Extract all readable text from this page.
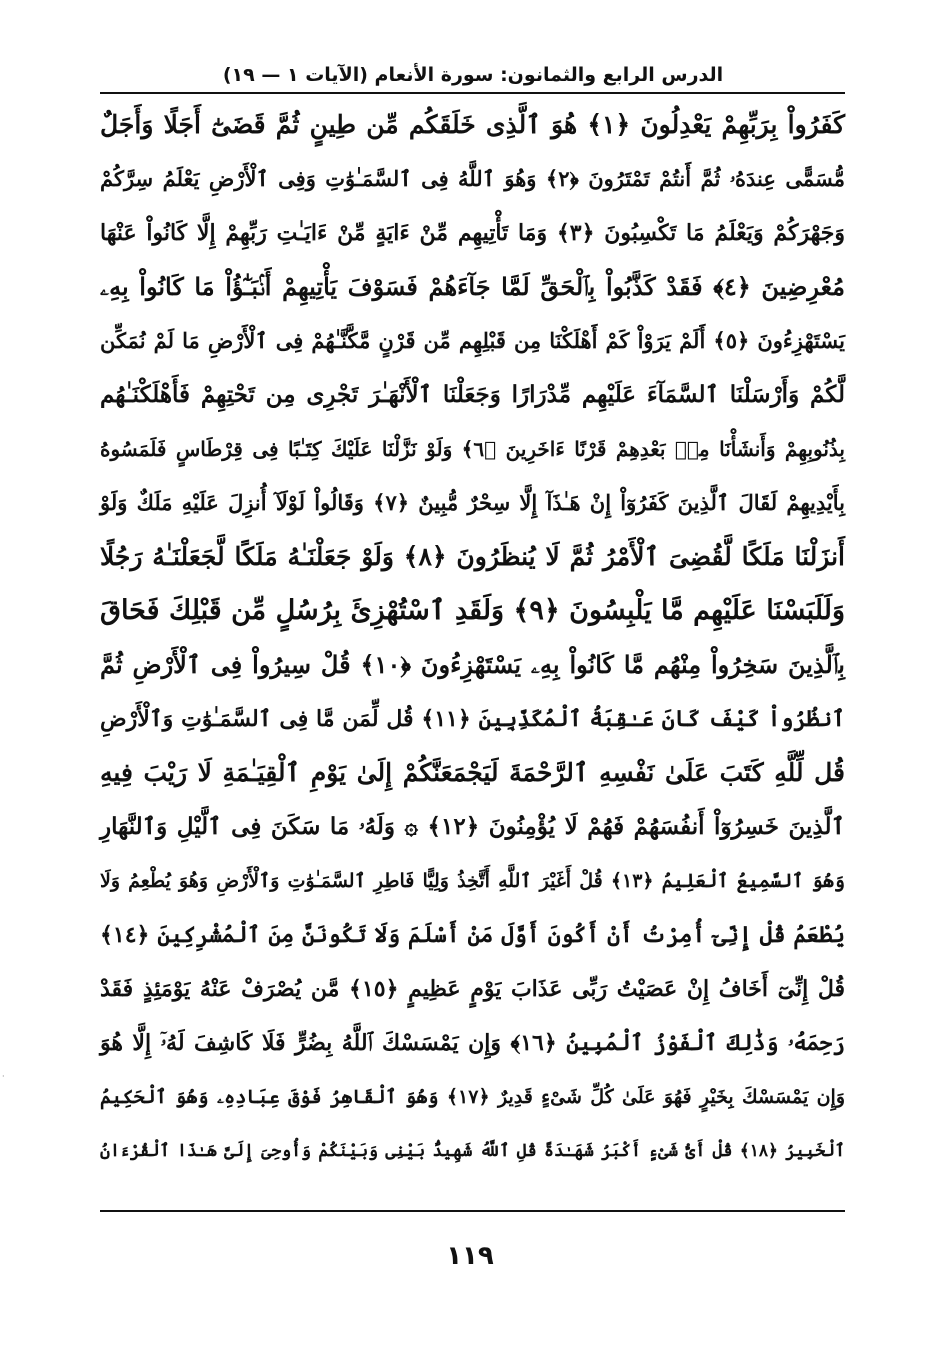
الدرس الرابع والثمانون: سورة الأنعام (الآيات ١ — ١٩)
كَفَرُواْ بِرَبِّهِمْ يَعْدِلُونَ ﴿١﴾ هُوَ ٱلَّذِى خَلَقَكُم مِّن طِينٍ ثُمَّ قَضَىٰٓ أَجَلًا وَأَجَلٌ
مُّسَمًّى عِندَهُۥ ثُمَّ أَنتُمْ تَمْتَرُونَ ﴿٢﴾ وَهُوَ ٱللَّهُ فِى ٱلسَّمَـٰوَٰتِ وَفِى ٱلْأَرْضِ يَعْلَمُ سِرَّكُمْ
وَجَهْرَكُمْ وَيَعْلَمُ مَا تَكْسِبُونَ ﴿٣﴾ وَمَا تَأْتِيهِم مِّنْ ءَايَةٍ مِّنْ ءَايَـٰتِ رَبِّهِمْ إِلَّا كَانُواْ عَنْهَا
مُعْرِضِينَ ﴿٤﴾ فَقَدْ كَذَّبُواْ بِٱلْحَقِّ لَمَّا جَآءَهُمْ فَسَوْفَ يَأْتِيهِمْ أَنۢبَـٰٓؤُاْ مَا كَانُواْ بِهِۦ
يَسْتَهْزِءُونَ ﴿٥﴾ أَلَمْ يَرَوْاْ كَمْ أَهْلَكْنَا مِن قَبْلِهِم مِّن قَرْنٍ مَّكَّنَّـٰهُمْ فِى ٱلْأَرْضِ مَا لَمْ نُمَكِّن
لَّكُمْ وَأَرْسَلْنَا ٱلسَّمَآءَ عَلَيْهِم مِّدْرَارًا وَجَعَلْنَا ٱلْأَنْهَـٰرَ تَجْرِى مِن تَحْتِهِمْ فَأَهْلَكْنَـٰهُم
بِذُنُوبِهِمْ وَأَنشَأْنَا مِنۢ بَعْدِهِمْ قَرْنًا ءَاخَرِينَ ﴿٦﴾ وَلَوْ نَزَّلْنَا عَلَيْكَ كِتَـٰبًا فِى قِرْطَاسٍ فَلَمَسُوهُ
بِأَيْدِيهِمْ لَقَالَ ٱلَّذِينَ كَفَرُوٓاْ إِنْ هَـٰذَآ إِلَّا سِحْرٌ مُّبِينٌ ﴿٧﴾ وَقَالُواْ لَوْلَآ أُنزِلَ عَلَيْهِ مَلَكٌ وَلَوْ
أَنزَلْنَا مَلَكًا لَّقُضِىَ ٱلْأَمْرُ ثُمَّ لَا يُنظَرُونَ ﴿٨﴾ وَلَوْ جَعَلْنَـٰهُ مَلَكًا لَّجَعَلْنَـٰهُ رَجُلًا
وَلَلَبَسْنَا عَلَيْهِم مَّا يَلْبِسُونَ ﴿٩﴾ وَلَقَدِ ٱسْتُهْزِئَ بِرُسُلٍ مِّن قَبْلِكَ فَحَاقَ
بِٱلَّذِينَ سَخِرُواْ مِنْهُم مَّا كَانُواْ بِهِۦ يَسْتَهْزِءُونَ ﴿١٠﴾ قُلْ سِيرُواْ فِى ٱلْأَرْضِ ثُمَّ
ٱنظُرُواْ كَيْفَ كَانَ عَـٰقِبَةُ ٱلْمُكَذِّبِينَ ﴿١١﴾ قُل لِّمَن مَّا فِى ٱلسَّمَـٰوَٰتِ وَٱلْأَرْضِ
قُل لِّلَّهِ كَتَبَ عَلَىٰ نَفْسِهِ ٱلرَّحْمَةَ لَيَجْمَعَنَّكُمْ إِلَىٰ يَوْمِ ٱلْقِيَـٰمَةِ لَا رَيْبَ فِيهِ
ٱلَّذِينَ خَسِرُوٓاْ أَنفُسَهُمْ فَهُمْ لَا يُؤْمِنُونَ ﴿١٢﴾ ۞ وَلَهُۥ مَا سَكَنَ فِى ٱلَّيْلِ وَٱلنَّهَارِ
وَهُوَ ٱلسَّمِيعُ ٱلْعَلِيمُ ﴿١٣﴾ قُلْ أَغَيْرَ ٱللَّهِ أَتَّخِذُ وَلِيًّا فَاطِرِ ٱلسَّمَـٰوَٰتِ وَٱلْأَرْضِ وَهُوَ يُطْعِمُ وَلَا
يُطْعَمُ قُلْ إِنِّىٓ أُمِرْتُ أَنْ أَكُونَ أَوَّلَ مَنْ أَسْلَمَ وَلَا تَكُونَنَّ مِنَ ٱلْمُشْرِكِينَ ﴿١٤﴾
قُلْ إِنِّىٓ أَخَافُ إِنْ عَصَيْتُ رَبِّى عَذَابَ يَوْمٍ عَظِيمٍ ﴿١٥﴾ مَّن يُصْرَفْ عَنْهُ يَوْمَئِذٍ فَقَدْ
رَحِمَهُۥ وَذَٰلِكَ ٱلْفَوْزُ ٱلْمُبِينُ ﴿١٦﴾ وَإِن يَمْسَسْكَ ٱللَّهُ بِضُرٍّ فَلَا كَاشِفَ لَهُۥٓ إِلَّا هُوَ
وَإِن يَمْسَسْكَ بِخَيْرٍ فَهُوَ عَلَىٰ كُلِّ شَىْءٍ قَدِيرٌ ﴿١٧﴾ وَهُوَ ٱلْقَاهِرُ فَوْقَ عِبَادِهِۦ وَهُوَ ٱلْحَكِيمُ
ٱلْخَبِيرُ ﴿١٨﴾ قُلْ أَىُّ شَىْءٍ أَكْبَرُ شَهَـٰدَةً قُلِ ٱللَّهُ شَهِيدٌۢ بَيْنِى وَبَيْنَكُمْ وَأُوحِىَ إِلَىَّ هَـٰذَا ٱلْقُرْءَانُ
١١٩
·
